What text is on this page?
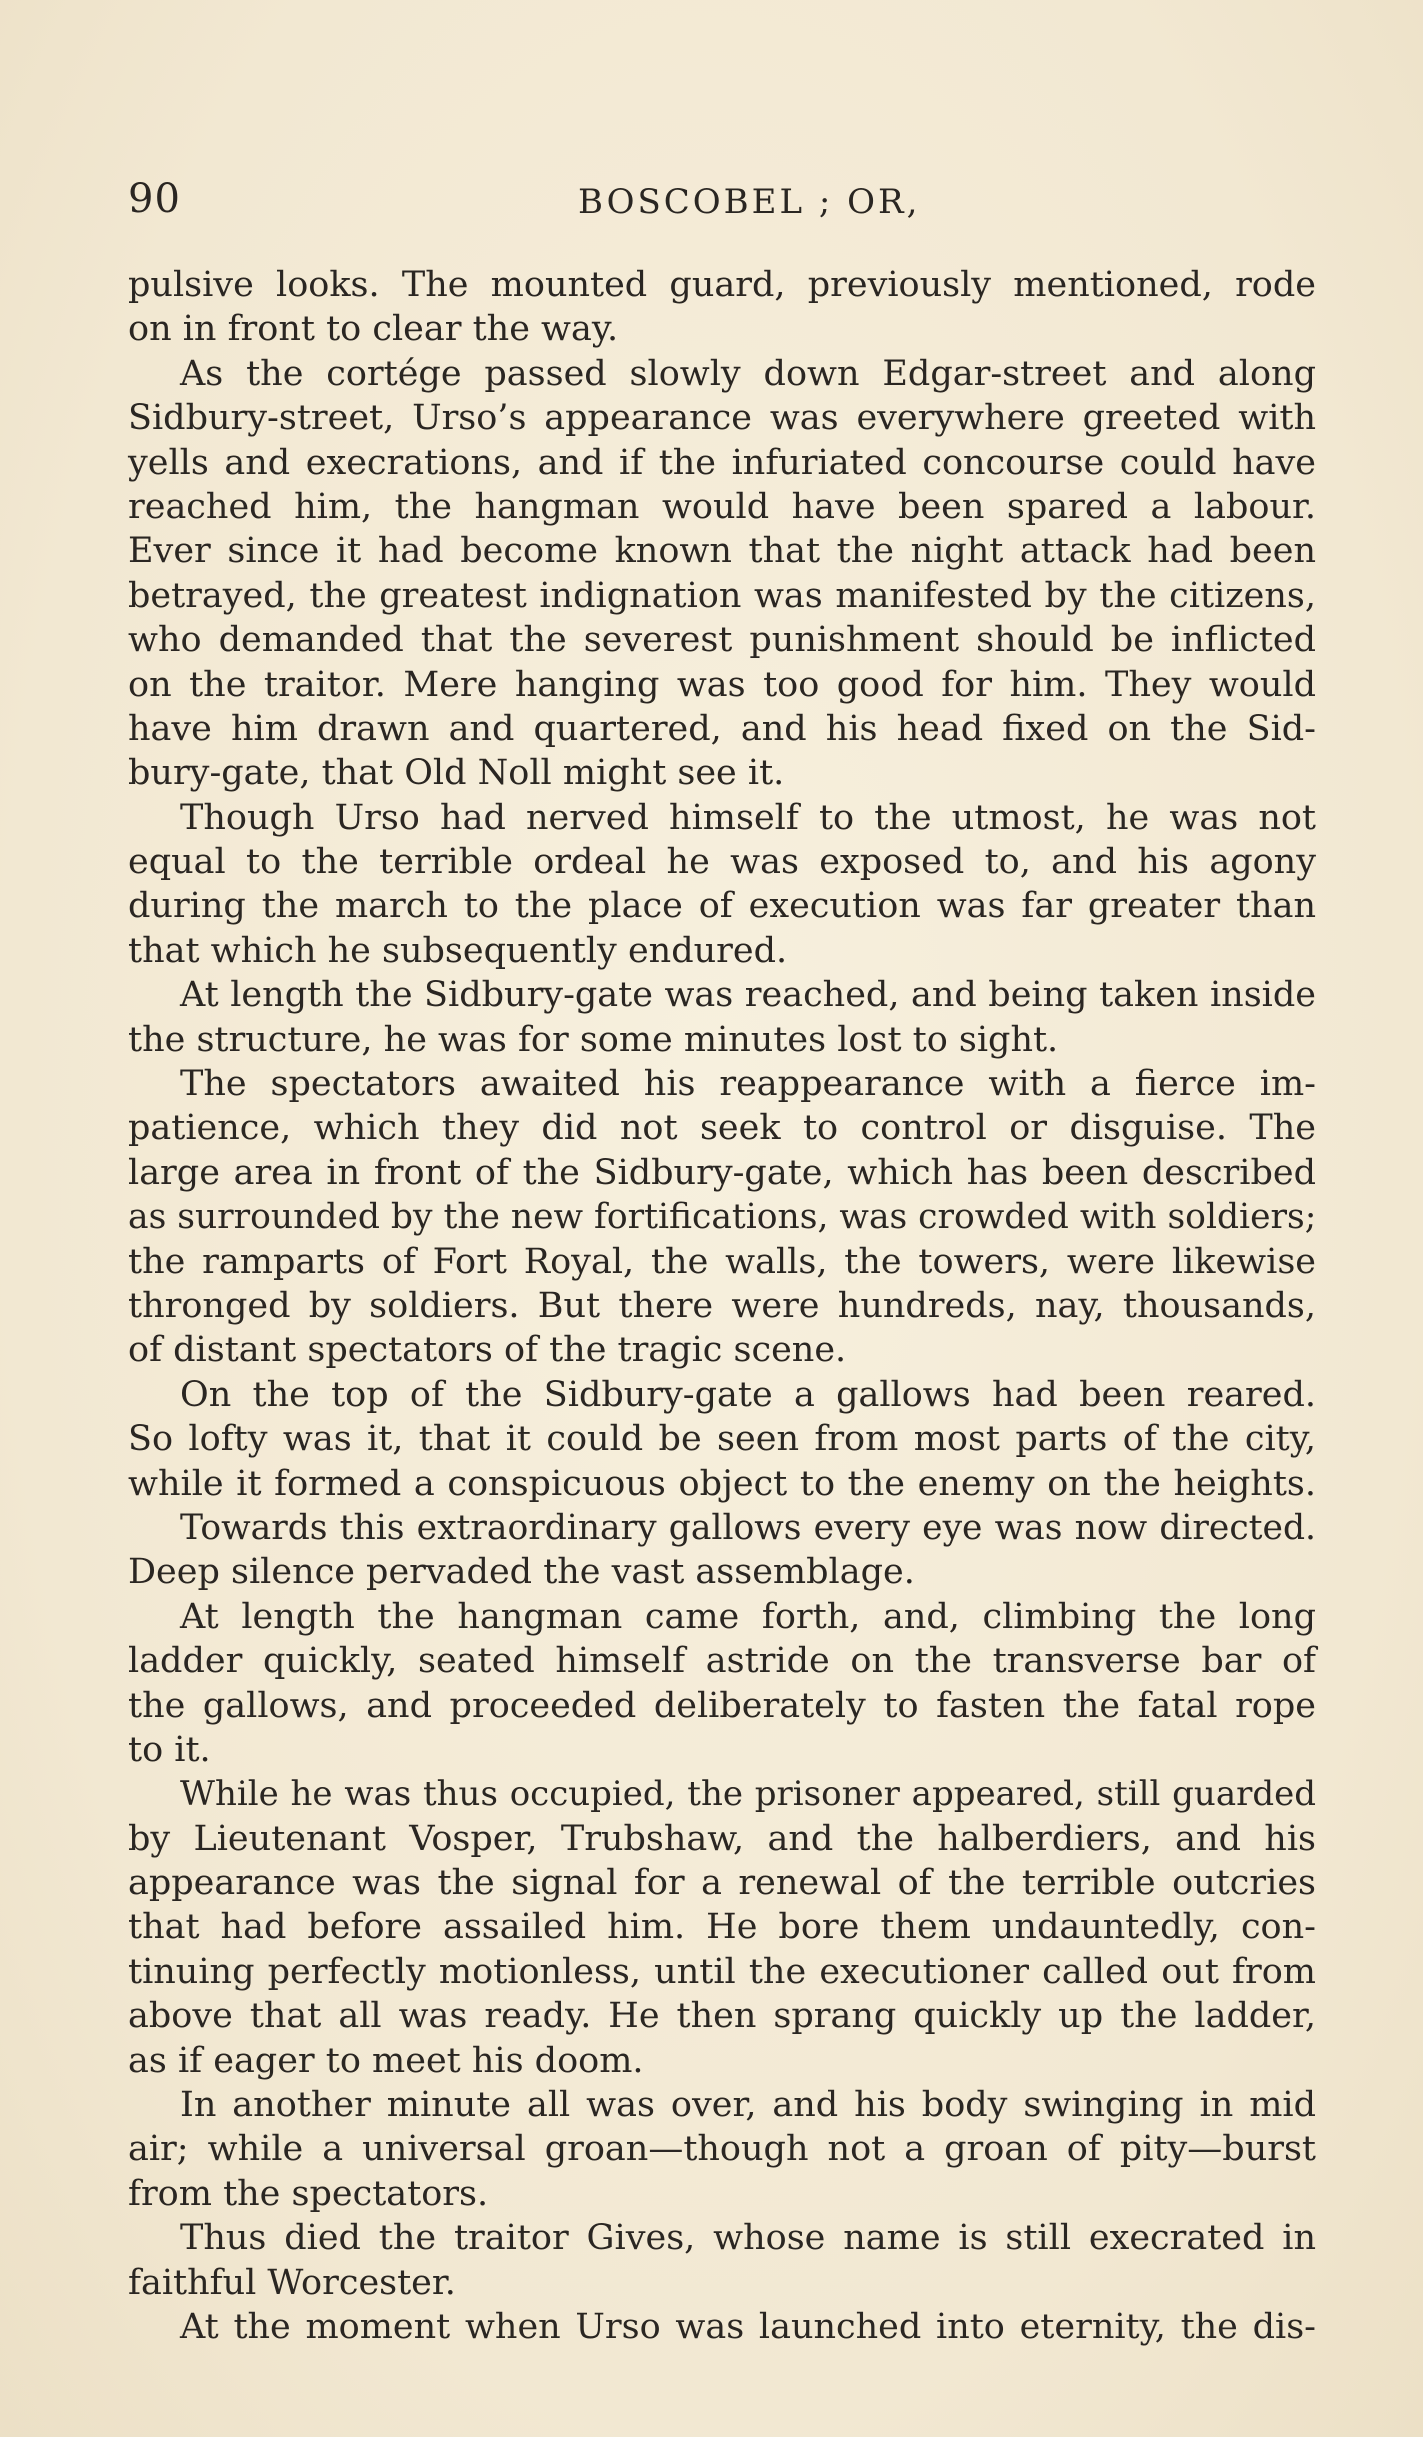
90	BOSCOBEL ; OR,
pulsive looks. The mounted guard, previously mentioned, rode
on in front to clear the way.
As the cortége passed slowly down Edgar-street and along
Sidbury-street, Urso’s appearance was everywhere greeted with
yells and execrations, and if the infuriated concourse could have
reached him, the hangman would have been spared a labour.
Ever since it had become known that the night attack had been
betrayed, the greatest indignation was manifested by the citizens,
who demanded that the severest punishment should be inflicted
on the traitor. Mere hanging was too good for him. They would
have him drawn and quartered, and his head fixed on the Sid-
bury-gate, that Old Noll might see it.
Though Urso had nerved himself to the utmost, he was not
equal to the terrible ordeal he was exposed to, and his agony
during the march to the place of execution was far greater than
that which he subsequently endured.
At length the Sidbury-gate was reached, and being taken inside
the structure, he was for some minutes lost to sight.
The spectators awaited his reappearance with a fierce im-
patience, which they did not seek to control or disguise. The
large area in front of the Sidbury-gate, which has been described
as surrounded by the new fortifications, was crowded with soldiers;
the ramparts of Fort Royal, the walls, the towers, were likewise
thronged by soldiers. But there were hundreds, nay, thousands,
of distant spectators of the tragic scene.
On the top of the Sidbury-gate a gallows had been reared.
So lofty was it, that it could be seen from most parts of the city,
while it formed a conspicuous object to the enemy on the heights.
Towards this extraordinary gallows every eye was now directed.
Deep silence pervaded the vast assemblage.
At length the hangman came forth, and, climbing the long
ladder quickly, seated himself astride on the transverse bar of
the gallows, and proceeded deliberately to fasten the fatal rope
to it.
While he was thus occupied, the prisoner appeared, still guarded
by Lieutenant Vosper, Trubshaw, and the halberdiers, and his
appearance was the signal for a renewal of the terrible outcries
that had before assailed him. He bore them undauntedly, con-
tinuing perfectly motionless, until the executioner called out from
above that all was ready. He then sprang quickly up the ladder,
as if eager to meet his doom.
In another minute all was over, and his body swinging in mid
air; while a universal groan—though not a groan of pity—burst
from the spectators.
Thus died the traitor Gives, whose name is still execrated in
faithful Worcester.
At the moment when Urso was launched into eternity, the dis-
